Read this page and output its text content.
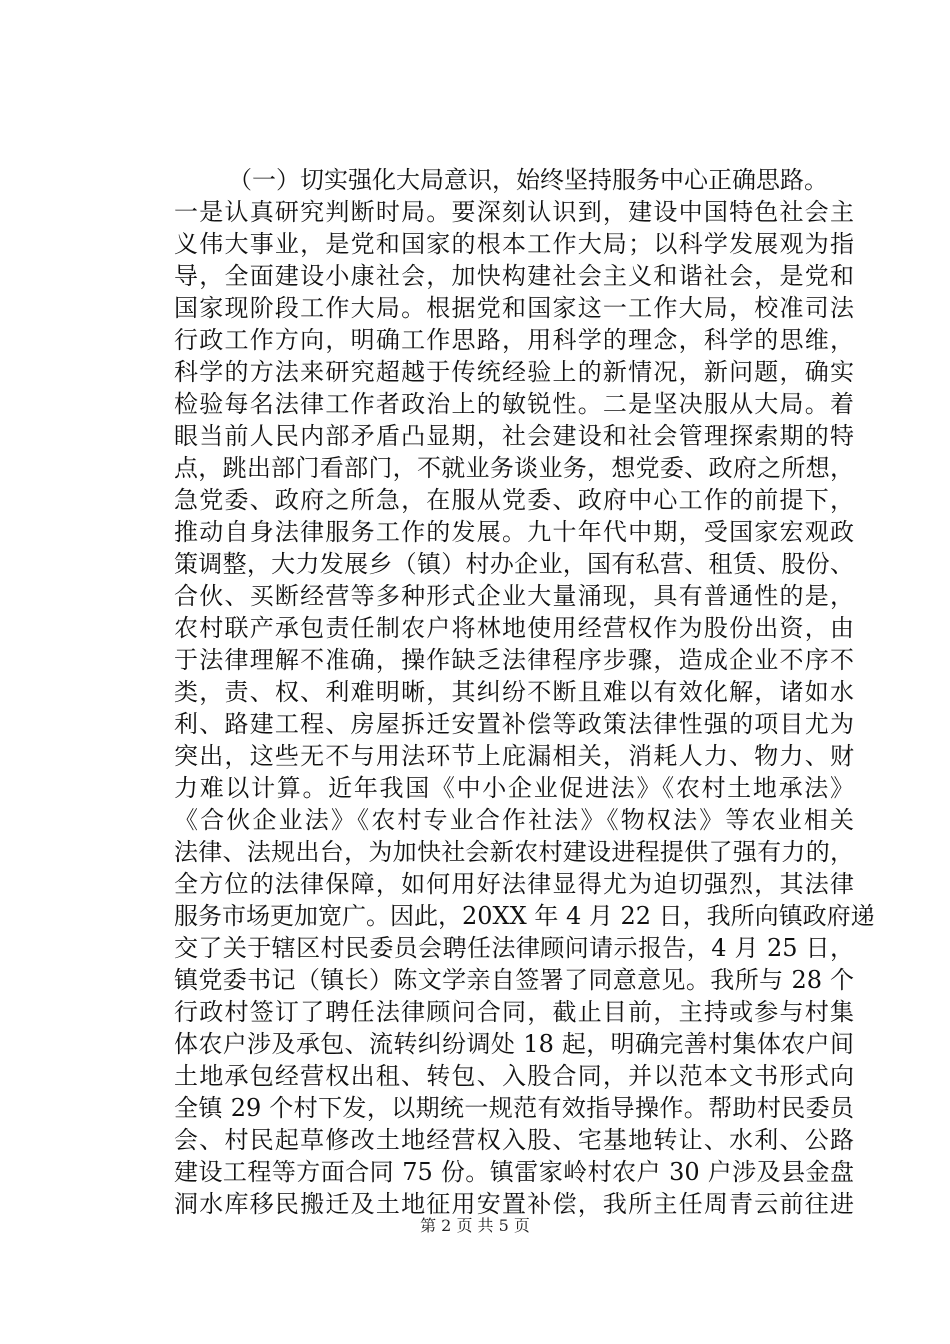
（一）切实强化大局意识，始终坚持服务中心正确思路。
一是认真研究判断时局。要深刻认识到，建设中国特色社会主
义伟大事业，是党和国家的根本工作大局；以科学发展观为指
导，全面建设小康社会，加快构建社会主义和谐社会，是党和
国家现阶段工作大局。根据党和国家这一工作大局，校准司法
行政工作方向，明确工作思路，用科学的理念，科学的思维，
科学的方法来研究超越于传统经验上的新情况，新问题，确实
检验每名法律工作者政治上的敏锐性。二是坚决服从大局。着
眼当前人民内部矛盾凸显期，社会建设和社会管理探索期的特
点，跳出部门看部门，不就业务谈业务，想党委、政府之所想，
急党委、政府之所急，在服从党委、政府中心工作的前提下，
推动自身法律服务工作的发展。九十年代中期，受国家宏观政
策调整，大力发展乡（镇）村办企业，国有私营、租赁、股份、
合伙、买断经营等多种形式企业大量涌现，具有普通性的是，
农村联产承包责任制农户将林地使用经营权作为股份出资，由
于法律理解不准确，操作缺乏法律程序步骤，造成企业不序不
类，责、权、利难明晰，其纠纷不断且难以有效化解，诸如水
利、路建工程、房屋拆迁安置补偿等政策法律性强的项目尤为
突出，这些无不与用法环节上庇漏相关，消耗人力、物力、财
力难以计算。近年我国《中小企业促进法》《农村土地承法》
《合伙企业法》《农村专业合作社法》《物权法》等农业相关
法律、法规出台，为加快社会新农村建设进程提供了强有力的，
全方位的法律保障，如何用好法律显得尤为迫切强烈，其法律
服务市场更加宽广。因此，20XX 年 4 月 22 日，我所向镇政府递
交了关于辖区村民委员会聘任法律顾问请示报告，4 月 25 日，
镇党委书记（镇长）陈文学亲自签署了同意意见。我所与 28 个
行政村签订了聘任法律顾问合同，截止目前，主持或参与村集
体农户涉及承包、流转纠纷调处 18 起，明确完善村集体农户间
土地承包经营权出租、转包、入股合同，并以范本文书形式向
全镇 29 个村下发，以期统一规范有效指导操作。帮助村民委员
会、村民起草修改土地经营权入股、宅基地转让、水利、公路
建设工程等方面合同 75 份。镇雷家岭村农户 30 户涉及县金盘
洞水库移民搬迁及土地征用安置补偿，我所主任周青云前往进
第 2 页 共 5 页
